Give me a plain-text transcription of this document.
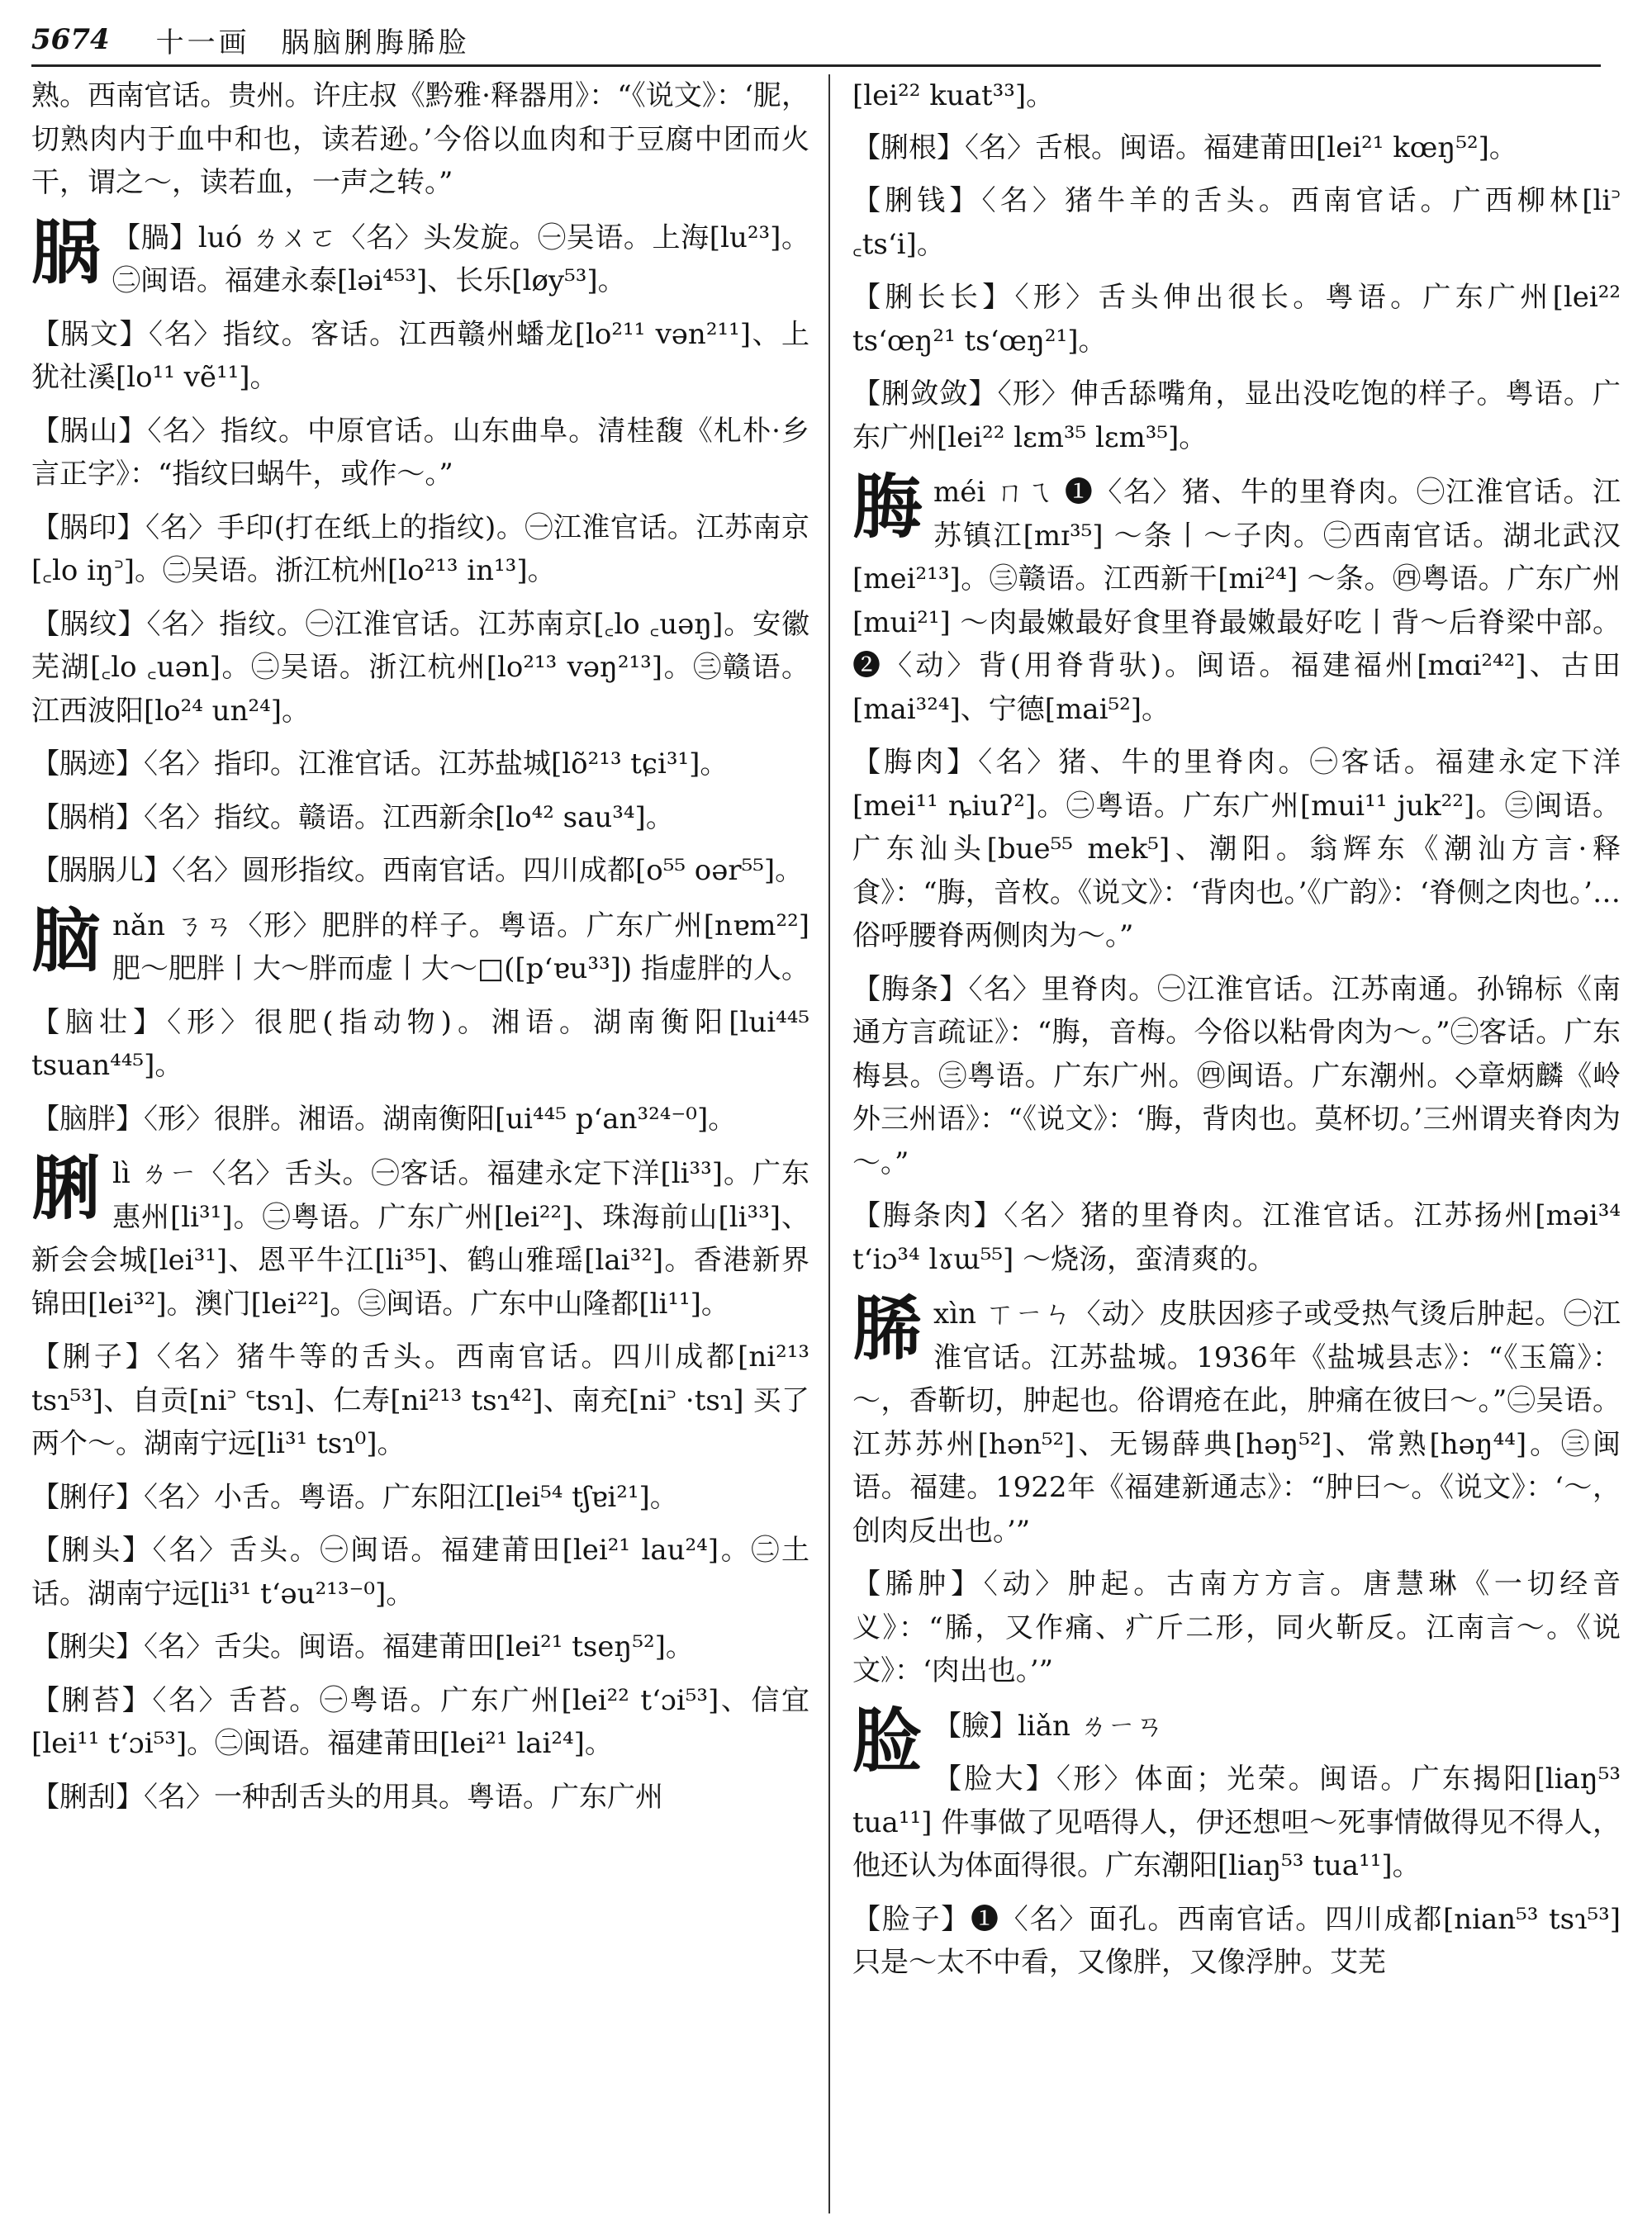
5674 十一画　脶脑脷脢脪脸
熟。西南官话。贵州。许庄叔《黔雅·释器用》：“《说文》：‘胒，切熟肉内于血中和也，读若逊。’今俗以血肉和于豆腐中团而火干，谓之～，读若血，一声之转。”
脶 【腡】luó ㄌㄨㄛ〈名〉头发旋。㊀吴语。上海[lu²³]。㊁闽语。福建永泰[ləi⁴⁵³]、长乐[løy⁵³]。
【脶文】〈名〉指纹。客话。江西赣州蟠龙[lo²¹¹ vən²¹¹]、上犹社溪[lo¹¹ vẽ¹¹]。
【脶山】〈名〉指纹。中原官话。山东曲阜。清桂馥《札朴·乡言正字》：“指纹曰蜗牛，或作～。”
【脶印】〈名〉手印(打在纸上的指纹)。㊀江淮官话。江苏南京[꜀lo iŋ꜄]。㊁吴语。浙江杭州[lo²¹³ in¹³]。
【脶纹】〈名〉指纹。㊀江淮官话。江苏南京[꜀lo ꜀uəŋ]。安徽芜湖[꜀lo ꜀uən]。㊁吴语。浙江杭州[lo²¹³ vəŋ²¹³]。㊂赣语。江西波阳[lo²⁴ un²⁴]。
【脶迹】〈名〉指印。江淮官话。江苏盐城[lõ²¹³ tɕi³¹]。
【脶梢】〈名〉指纹。赣语。江西新余[lo⁴² sau³⁴]。
【脶脶儿】〈名〉圆形指纹。西南官话。四川成都[o⁵⁵ oər⁵⁵]。
脑nǎn ㄋㄢ〈形〉肥胖的样子。粤语。广东广州[nɐm²²] 肥～肥胖丨大～胖而虚丨大～□([pʻɐu³³]) 指虚胖的人。
【脑壮】〈形〉很肥(指动物)。湘语。湖南衡阳[lui⁴⁴⁵ tsuan⁴⁴⁵]。
【脑胖】〈形〉很胖。湘语。湖南衡阳[ui⁴⁴⁵ pʻan³²⁴⁻⁰]。
脷lì ㄌㄧ〈名〉舌头。㊀客话。福建永定下洋[li³³]。广东惠州[li³¹]。㊁粤语。广东广州[lei²²]、珠海前山[li³³]、新会会城[lei³¹]、恩平牛江[li³⁵]、鹤山雅瑶[lai³²]。香港新界锦田[lei³²]。澳门[lei²²]。㊂闽语。广东中山隆都[li¹¹]。
【脷子】〈名〉猪牛等的舌头。西南官话。四川成都[ni²¹³ tsɿ⁵³]、自贡[ni꜄ ꜂tsɿ]、仁寿[ni²¹³ tsɿ⁴²]、南充[ni꜄ ·tsɿ] 买了两个～。湖南宁远[li³¹ tsɿ⁰]。
【脷仔】〈名〉小舌。粤语。广东阳江[lei⁵⁴ tʃɐi²¹]。
【脷头】〈名〉舌头。㊀闽语。福建莆田[lei²¹ lau²⁴]。㊁土话。湖南宁远[li³¹ tʻəu²¹³⁻⁰]。
【脷尖】〈名〉舌尖。闽语。福建莆田[lei²¹ tseŋ⁵²]。
【脷苔】〈名〉舌苔。㊀粤语。广东广州[lei²² tʻɔi⁵³]、信宜[lei¹¹ tʻɔi⁵³]。㊁闽语。福建莆田[lei²¹ lai²⁴]。
【脷刮】〈名〉一种刮舌头的用具。粤语。广东广州
[lei²² kuat³³]。
【脷根】〈名〉舌根。闽语。福建莆田[lei²¹ kœŋ⁵²]。
【脷钱】〈名〉猪牛羊的舌头。西南官话。广西柳林[li꜄ ꜀tsʻi]。
【脷长长】〈形〉舌头伸出很长。粤语。广东广州[lei²² tsʻœŋ²¹ tsʻœŋ²¹]。
【脷敛敛】〈形〉伸舌舔嘴角，显出没吃饱的样子。粤语。广东广州[lei²² lɛm³⁵ lɛm³⁵]。
脢méi ㄇㄟ ❶〈名〉猪、牛的里脊肉。㊀江淮官话。江苏镇江[mɪ³⁵] ～条丨～子肉。㊁西南官话。湖北武汉[mei²¹³]。㊂赣语。江西新干[mi²⁴] ～条。㊃粤语。广东广州[mui²¹] ～肉最嫩最好食里脊最嫩最好吃丨背～后脊梁中部。❷〈动〉背(用脊背驮)。闽语。福建福州[mɑi²⁴²]、古田[mai³²⁴]、宁德[mai⁵²]。
【脢肉】〈名〉猪、牛的里脊肉。㊀客话。福建永定下洋[mei¹¹ ȵiuʔ²]。㊁粤语。广东广州[mui¹¹ juk²²]。㊂闽语。广东汕头[bue⁵⁵ mek⁵]、潮阳。翁辉东《潮汕方言·释食》：“脢，音枚。《说文》：‘背肉也。’《广韵》：‘脊侧之肉也。’…俗呼腰脊两侧肉为～。”
【脢条】〈名〉里脊肉。㊀江淮官话。江苏南通。孙锦标《南通方言疏证》：“脢，音梅。今俗以粘骨肉为～。”㊁客话。广东梅县。㊂粤语。广东广州。㊃闽语。广东潮州。◇章炳麟《岭外三州语》：“《说文》：‘脢，背肉也。莫杯切。’三州谓夹脊肉为～。”
【脢条肉】〈名〉猪的里脊肉。江淮官话。江苏扬州[məi³⁴ tʻiɔ³⁴ lɤɯ⁵⁵] ～烧汤，蛮清爽的。
脪xìn ㄒㄧㄣ〈动〉皮肤因疹子或受热气烫后肿起。㊀江淮官话。江苏盐城。1936年《盐城县志》：“《玉篇》：～，香靳切，肿起也。俗谓疮在此，肿痛在彼曰～。”㊁吴语。江苏苏州[hən⁵²]、无锡薛典[həŋ⁵²]、常熟[həŋ⁴⁴]。㊂闽语。福建。1922年《福建新通志》：“肿曰～。《说文》：‘～，创肉反出也。’”
【脪肿】〈动〉肿起。古南方方言。唐慧琳《一切经音义》：“脪，又作痛、疒斤二形，同火靳反。江南言～。《说文》：‘肉出也。’”
脸 【臉】liǎn ㄌㄧㄢ
【脸大】〈形〉体面；光荣。闽语。广东揭阳[liaŋ⁵³ tua¹¹] 件事做了见唔得人，伊还想呾～死事情做得见不得人，他还认为体面得很。广东潮阳[liaŋ⁵³ tua¹¹]。
【脸子】❶〈名〉面孔。西南官话。四川成都[nian⁵³ tsɿ⁵³] 只是～太不中看，又像胖，又像浮肿。艾芜
